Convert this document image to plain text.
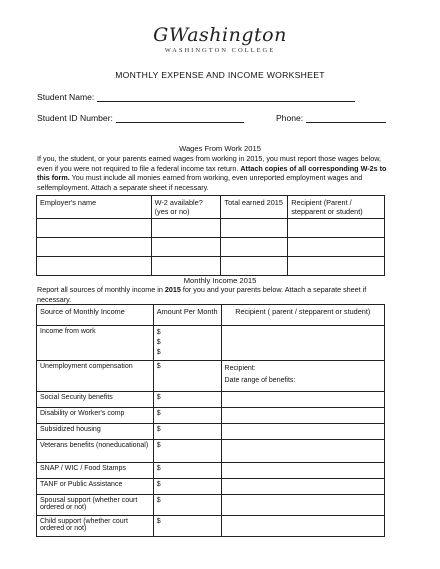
GWashington
WASHINGTON COLLEGE
MONTHLY EXPENSE AND INCOME WORKSHEET
Student Name:
Student ID Number:	Phone:
Wages From Work 2015
If you, the student, or your parents earned wages from working in 2015, you must report those wages below, even if you were not required to file a federal income tax return. Attach copies of all corresponding W-2s to this form. You must include all monies earned from working, even unreported employment wages and selfemployment. Attach a separate sheet if necessary.
Employer's name	W-2 available? (yes or no)	Total earned 2015	Recipient (Parent / stepparent or student)

Monthly Income 2015
Report all sources of monthly income in 2015 for you and your parents below. Attach a separate sheet if necessary.
Source of Monthly Income	Amount Per Month	Recipient ( parent / stepparent or student)
Income from work	$
$
$	

Unemployment compensation	$	Recipient:
Date range of benefits:

Social Security benefits	$	
Disability or Worker's comp	$	
Subsidized housing	$	
Veterans benefits (noneducational)	$	
SNAP / WIC / Food Stamps	$	
TANF or Public Assistance	$	
Spousal support (whether court ordered or not)	$	
Child support (whether court ordered or not)	$	
